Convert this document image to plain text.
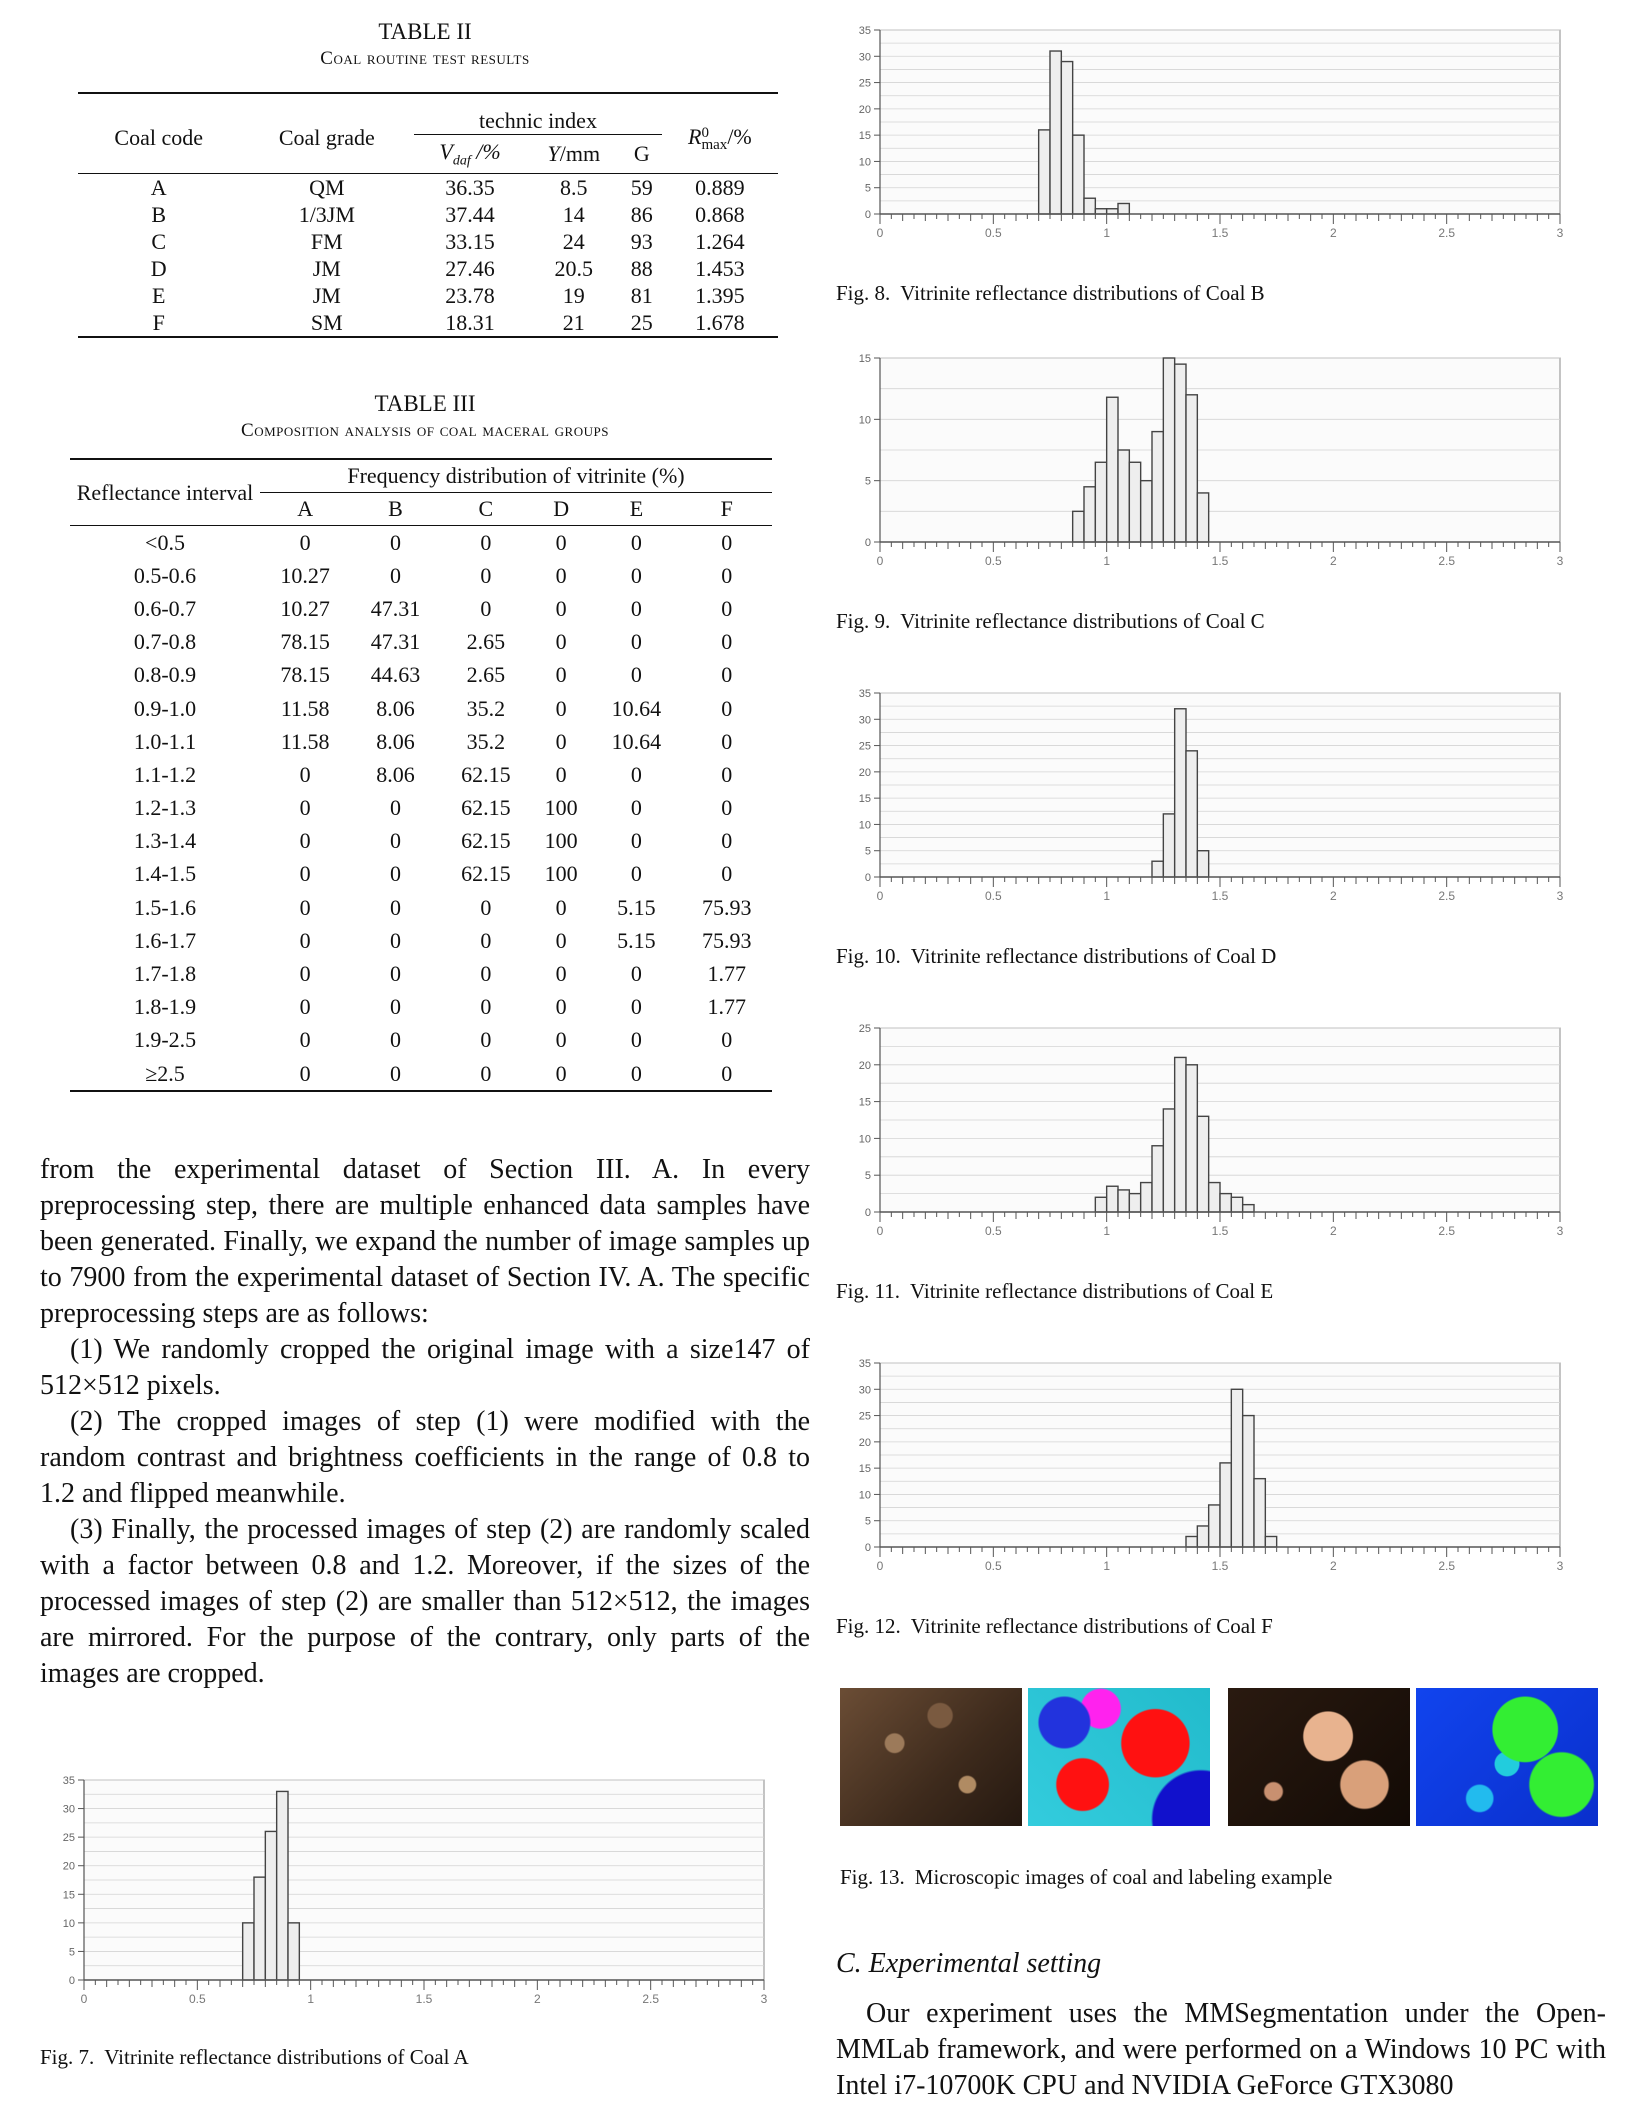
TABLE II
Coal routine test results
Coal code	Coal grade	technic index			R0
max/%
		$V_{daf}$ /%	Y/mm	G	
A	QM	36.35	8.5	59	0.889
B	1/3JM	37.44	14	86	0.868
C	FM	33.15	24	93	1.264
D	JM	27.46	20.5	88	1.453
E	JM	23.78	19	81	1.395
F	SM	18.31	21	25	1.678
TABLE III
Composition analysis of coal maceral groups
Reflectance interval	Frequency distribution of vitrinite (%)					
	A	B	C	D	E	F
<0.5	0	0	0	0	0	0
0.5-0.6	10.27	0	0	0	0	0
0.6-0.7	10.27	47.31	0	0	0	0
0.7-0.8	78.15	47.31	2.65	0	0	0
0.8-0.9	78.15	44.63	2.65	0	0	0
0.9-1.0	11.58	8.06	35.2	0	10.64	0
1.0-1.1	11.58	8.06	35.2	0	10.64	0
1.1-1.2	0	8.06	62.15	0	0	0
1.2-1.3	0	0	62.15	100	0	0
1.3-1.4	0	0	62.15	100	0	0
1.4-1.5	0	0	62.15	100	0	0
1.5-1.6	0	0	0	0	5.15	75.93
1.6-1.7	0	0	0	0	5.15	75.93
1.7-1.8	0	0	0	0	0	1.77
1.8-1.9	0	0	0	0	0	1.77
1.9-2.5	0	0	0	0	0	0
≥2.5	0	0	0	0	0	0

from the experimental dataset of Section III. A. In every preprocessing step, there are multiple enhanced data samples have been generated. Finally, we expand the number of image samples up to 7900 from the experimental dataset of Section IV. A. The specific preprocessing steps are as follows:

(1) We randomly cropped the original image with a size147 of 512×512 pixels.

(2) The cropped images of step (1) were modified with the random contrast and brightness coefficients in the range of 0.8 to 1.2 and flipped meanwhile.

(3) Finally, the processed images of step (2) are randomly scaled with a factor between 0.8 and 1.2. Moreover, if the sizes of the processed images of step (2) are smaller than 512×512, the images are mirrored. For the purpose of the contrary, only parts of the images are cropped.

0
5
10
15
20
25
30
35
0	0.5	1	1.5	2	2.5	3
Fig. 7. Vitrinite reflectance distributions of Coal A
0
5
10
15
20
25
30
35
0	0.5	1	1.5	2	2.5	3
Fig. 8. Vitrinite reflectance distributions of Coal B
0
5
10
15
0	0.5	1	1.5	2	2.5	3
Fig. 9. Vitrinite reflectance distributions of Coal C
0
5
10
15
20
25
30
35
0	0.5	1	1.5	2	2.5	3
Fig. 10. Vitrinite reflectance distributions of Coal D
0
5
10
15
20
25
0	0.5	1	1.5	2	2.5	3
Fig. 11. Vitrinite reflectance distributions of Coal E
0
5
10
15
20
25
30
35
0	0.5	1	1.5	2	2.5	3
Fig. 12. Vitrinite reflectance distributions of Coal F
Fig. 13. Microscopic images of coal and labeling example
C. Experimental setting

Our experiment uses the MMSegmentation under the Open-MMLab framework, and were performed on a Windows 10 PC with Intel i7-10700K CPU and NVIDIA GeForce GTX3080
